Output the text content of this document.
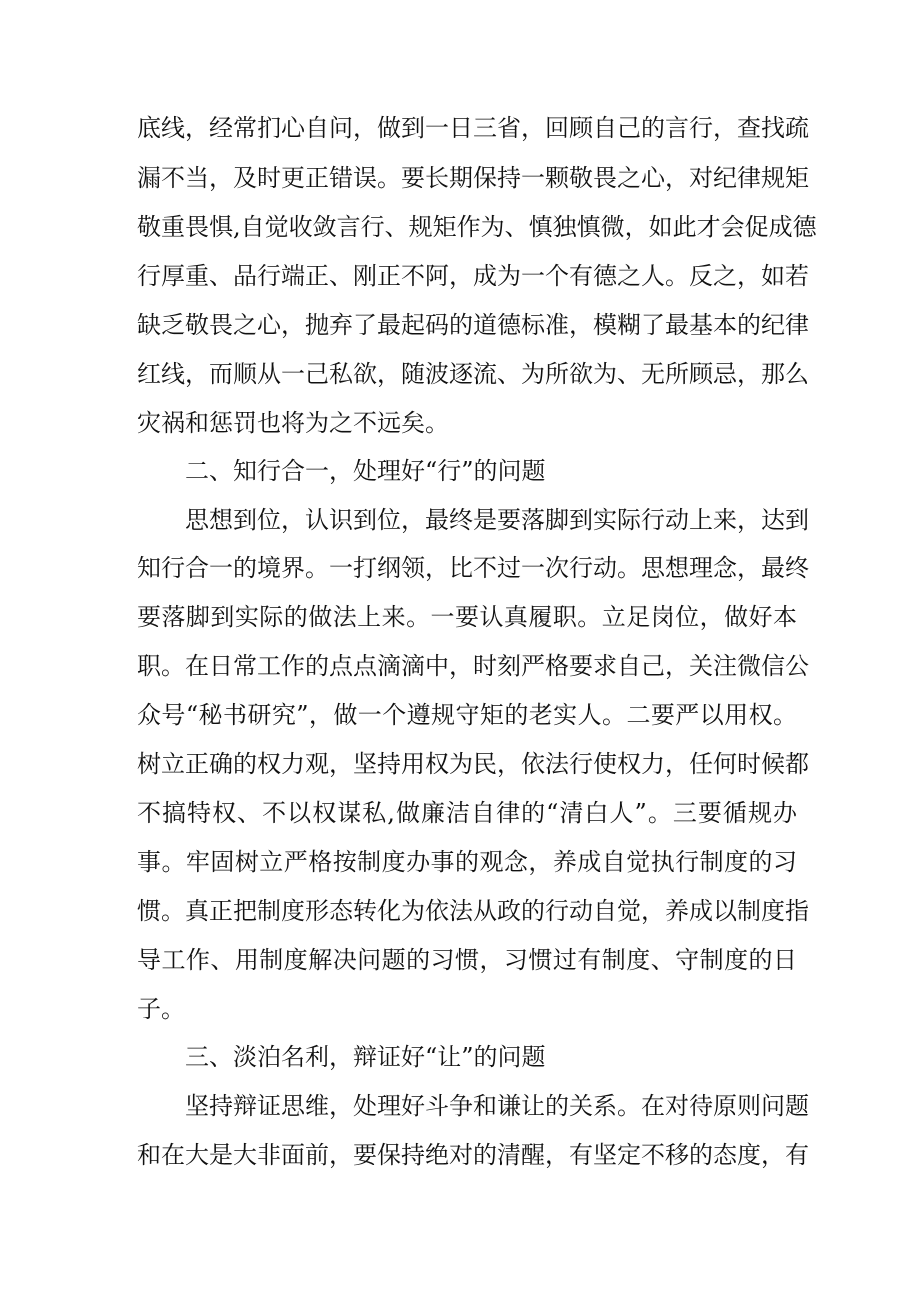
底线，经常扪心自问，做到一日三省，回顾自己的言行，查找疏

漏不当，及时更正错误。要长期保持一颗敬畏之心，对纪律规矩

敬重畏惧,自觉收敛言行、规矩作为、慎独慎微，如此才会促成德

行厚重、品行端正、刚正不阿，成为一个有德之人。反之，如若

缺乏敬畏之心，抛弃了最起码的道德标准，模糊了最基本的纪律

红线，而顺从一己私欲，随波逐流、为所欲为、无所顾忌，那么

灾祸和惩罚也将为之不远矣。

二、知行合一，处理好“行”的问题

思想到位，认识到位，最终是要落脚到实际行动上来，达到

知行合一的境界。一打纲领，比不过一次行动。思想理念，最终

要落脚到实际的做法上来。一要认真履职。立足岗位，做好本

职。在日常工作的点点滴滴中，时刻严格要求自己，关注微信公

众号“秘书研究”，做一个遵规守矩的老实人。二要严以用权。

树立正确的权力观，坚持用权为民，依法行使权力，任何时候都

不搞特权、不以权谋私,做廉洁自律的“清白人”。三要循规办

事。牢固树立严格按制度办事的观念，养成自觉执行制度的习

惯。真正把制度形态转化为依法从政的行动自觉，养成以制度指

导工作、用制度解决问题的习惯，习惯过有制度、守制度的日

子。

三、淡泊名利，辩证好“让”的问题

坚持辩证思维，处理好斗争和谦让的关系。在对待原则问题

和在大是大非面前，要保持绝对的清醒，有坚定不移的态度，有
